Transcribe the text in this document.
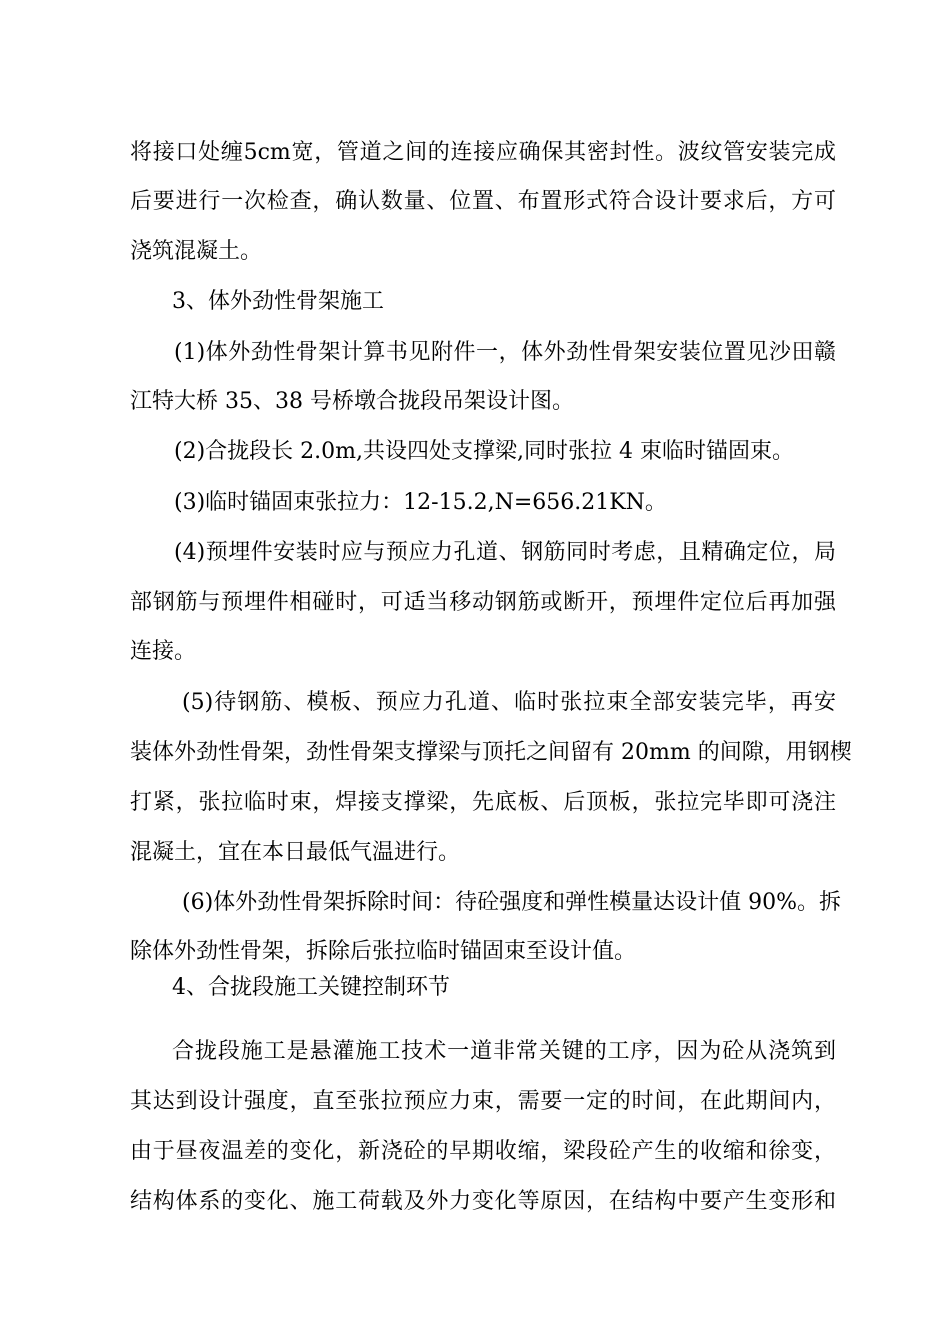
将接口处缠5cm宽，管道之间的连接应确保其密封性。波纹管安装完成
后要进行一次检查，确认数量、位置、布置形式符合设计要求后，方可
浇筑混凝土。
3、体外劲性骨架施工
(1)体外劲性骨架计算书见附件一，体外劲性骨架安装位置见沙田赣
江特大桥 35、38 号桥墩合拢段吊架设计图。
(2)合拢段长 2.0m,共设四处支撑梁,同时张拉 4 束临时锚固束。
(3)临时锚固束张拉力：12-15.2,N=656.21KN。
(4)预埋件安装时应与预应力孔道、钢筋同时考虑，且精确定位，局
部钢筋与预埋件相碰时，可适当移动钢筋或断开，预埋件定位后再加强
连接。
(5)待钢筋、模板、预应力孔道、临时张拉束全部安装完毕，再安
装体外劲性骨架，劲性骨架支撑梁与顶托之间留有 20mm 的间隙，用钢楔
打紧，张拉临时束，焊接支撑梁，先底板、后顶板，张拉完毕即可浇注
混凝土，宜在本日最低气温进行。
(6)体外劲性骨架拆除时间：待砼强度和弹性模量达设计值 90%。拆
除体外劲性骨架，拆除后张拉临时锚固束至设计值。
4、合拢段施工关键控制环节
合拢段施工是悬灌施工技术一道非常关键的工序，因为砼从浇筑到
其达到设计强度，直至张拉预应力束，需要一定的时间，在此期间内，
由于昼夜温差的变化，新浇砼的早期收缩，梁段砼产生的收缩和徐变，
结构体系的变化、施工荷载及外力变化等原因，在结构中要产生变形和
